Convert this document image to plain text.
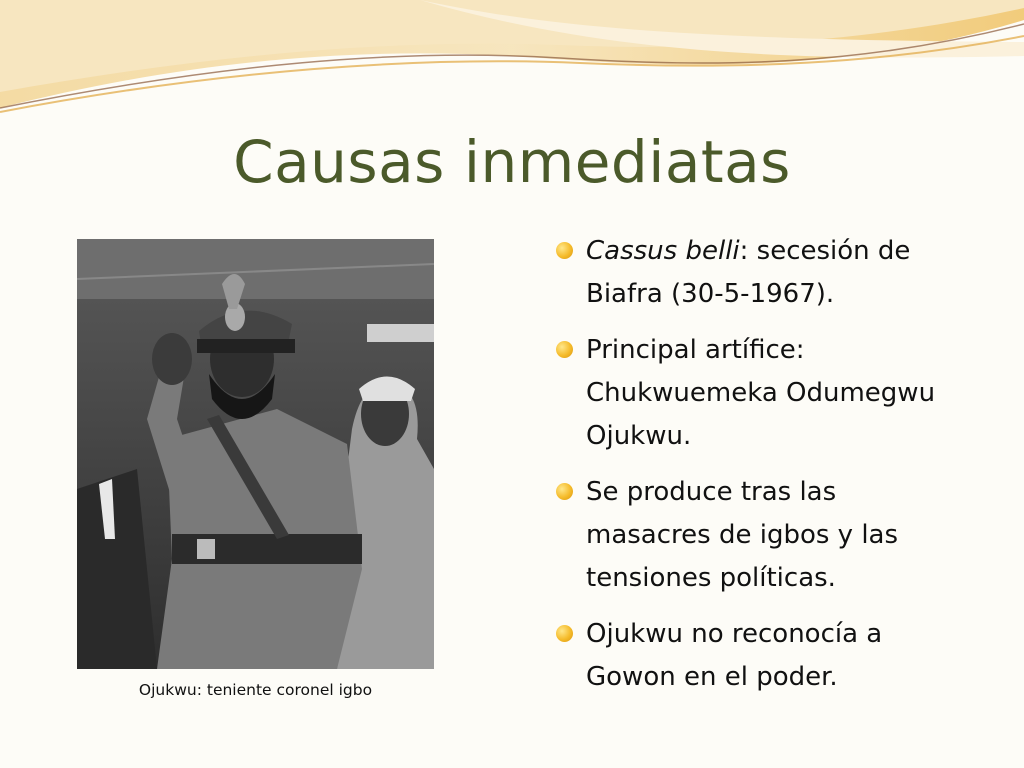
Causas inmediatas
Ojukwu: teniente coronel igbo
Cassus belli: secesión de Biafra (30-5-1967).
Principal artífice: Chukwuemeka Odumegwu Ojukwu.
Se produce tras las masacres de igbos y las tensiones políticas.
Ojukwu no reconocía a Gowon en el poder.
